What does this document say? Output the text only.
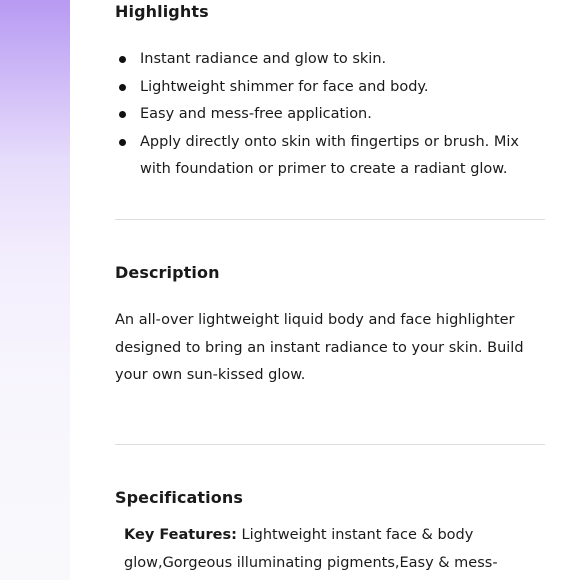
Highlights
Instant radiance and glow to skin.
Lightweight shimmer for face and body.
Easy and mess-free application.
Apply directly onto skin with fingertips or brush. Mix with foundation or primer to create a radiant glow.
Description

An all-over lightweight liquid body and face highlighter designed to bring an instant radiance to your skin. Build your own sun-kissed glow.

Specifications

Key Features: Lightweight instant face & body glow,Gorgeous illuminating pigments,Easy & mess-
